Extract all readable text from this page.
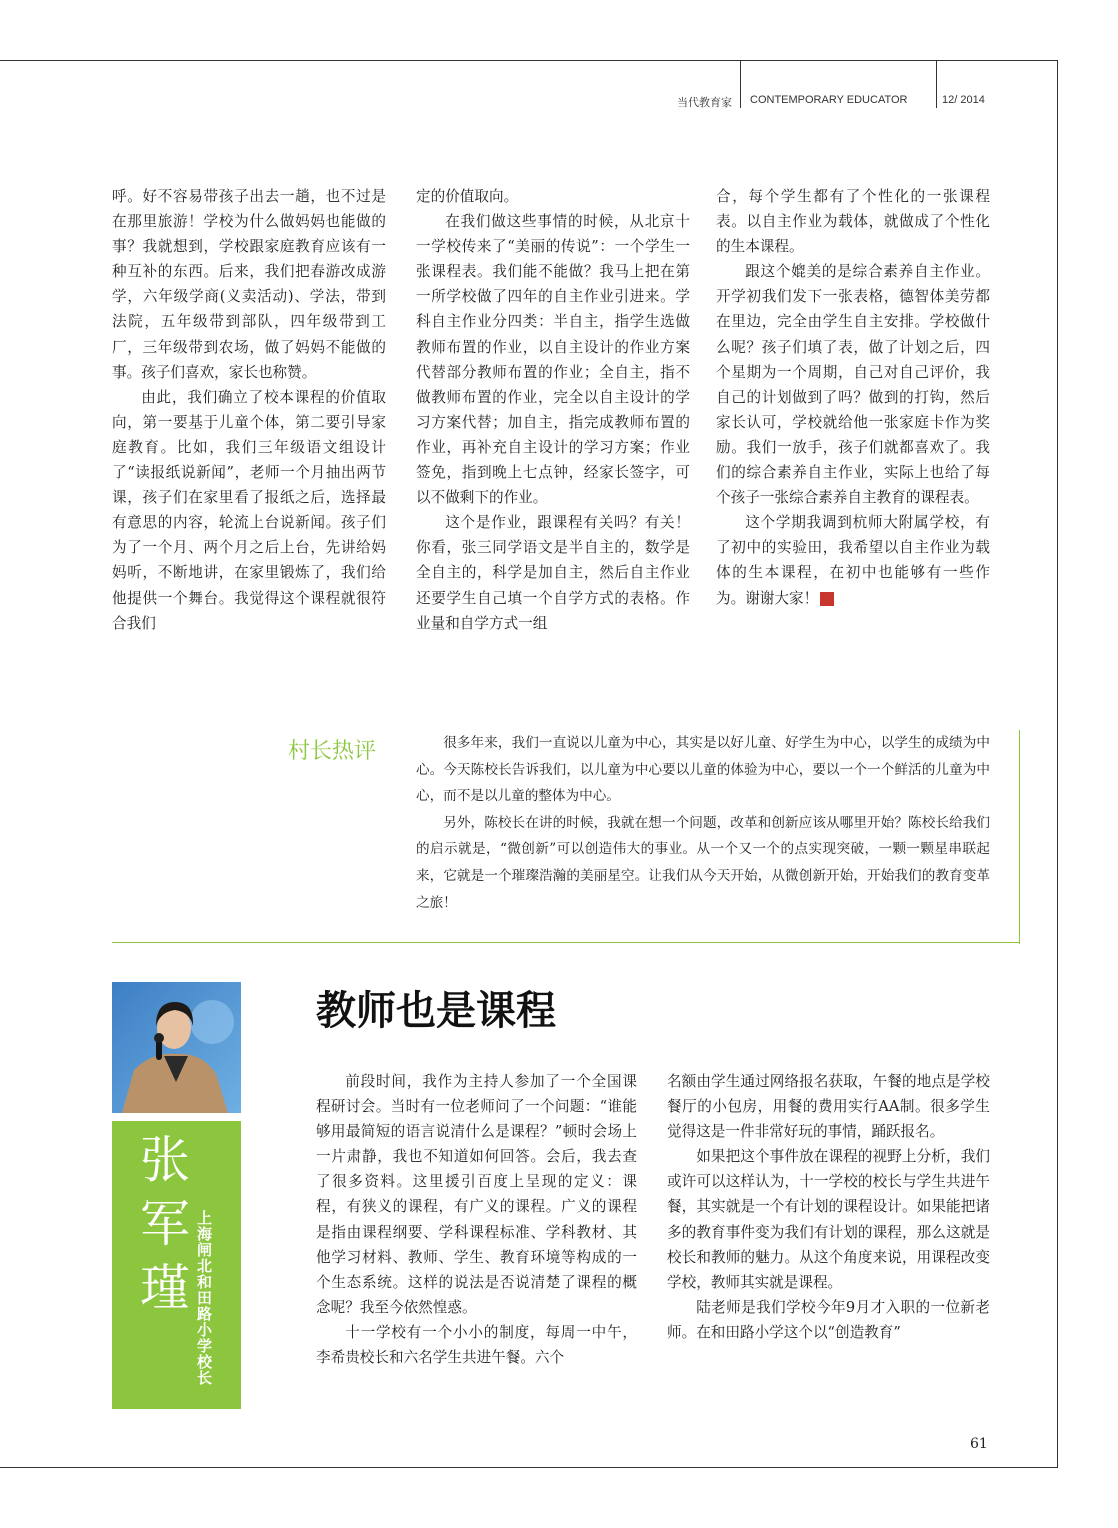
当代教育家 CONTEMPORARY EDUCATOR	12/ 2014

呼。好不容易带孩子出去一趟，也不过是在那里旅游！学校为什么做妈妈也能做的事？我就想到，学校跟家庭教育应该有一种互补的东西。后来，我们把春游改成游学，六年级学商(义卖活动)、学法，带到法院，五年级带到部队，四年级带到工厂，三年级带到农场，做了妈妈不能做的事。孩子们喜欢，家长也称赞。

由此，我们确立了校本课程的价值取向，第一要基于儿童个体，第二要引导家庭教育。比如，我们三年级语文组设计了“读报纸说新闻”，老师一个月抽出两节课，孩子们在家里看了报纸之后，选择最有意思的内容，轮流上台说新闻。孩子们为了一个月、两个月之后上台，先讲给妈妈听，不断地讲，在家里锻炼了，我们给他提供一个舞台。我觉得这个课程就很符合我们

定的价值取向。

在我们做这些事情的时候，从北京十一学校传来了“美丽的传说”：一个学生一张课程表。我们能不能做？我马上把在第一所学校做了四年的自主作业引进来。学科自主作业分四类：半自主，指学生选做教师布置的作业，以自主设计的作业方案代替部分教师布置的作业；全自主，指不做教师布置的作业，完全以自主设计的学习方案代替；加自主，指完成教师布置的作业，再补充自主设计的学习方案；作业签免，指到晚上七点钟，经家长签字，可以不做剩下的作业。

这个是作业，跟课程有关吗？有关！你看，张三同学语文是半自主的，数学是全自主的，科学是加自主，然后自主作业还要学生自己填一个自学方式的表格。作业量和自学方式一组

合，每个学生都有了个性化的一张课程表。以自主作业为载体，就做成了个性化的生本课程。

跟这个媲美的是综合素养自主作业。开学初我们发下一张表格，德智体美劳都在里边，完全由学生自主安排。学校做什么呢？孩子们填了表，做了计划之后，四个星期为一个周期，自己对自己评价，我自己的计划做到了吗？做到的打钩，然后家长认可，学校就给他一张家庭卡作为奖励。我们一放手，孩子们就都喜欢了。我们的综合素养自主作业，实际上也给了每个孩子一张综合素养自主教育的课程表。

这个学期我调到杭师大附属学校，有了初中的实验田，我希望以自主作业为载体的生本课程，在初中也能够有一些作为。谢谢大家！	家

村长热评	很多年来，我们一直说以儿童为中心，其实是以好儿童、好学生为中心，以学生的成绩为中心。今天陈校长告诉我们，以儿童为中心要以儿童的体验为中心，要以一个一个鲜活的儿童为中心，而不是以儿童的整体为中心。

另外，陈校长在讲的时候，我就在想一个问题，改革和创新应该从哪里开始？陈校长给我们的启示就是，“微创新”可以创造伟大的事业。从一个又一个的点实现突破，一颗一颗星串联起来，它就是一个璀璨浩瀚的美丽星空。让我们从今天开始，从微创新开始，开始我们的教育变革之旅！

张
军
瑾 上海闸北和田路小学校长
教师也是课程

前段时间，我作为主持人参加了一个全国课程研讨会。当时有一位老师问了一个问题：“谁能够用最简短的语言说清什么是课程？”顿时会场上一片肃静，我也不知道如何回答。会后，我去查了很多资料。这里援引百度上呈现的定义：课程，有狭义的课程，有广义的课程。广义的课程是指由课程纲要、学科课程标准、学科教材、其他学习材料、教师、学生、教育环境等构成的一个生态系统。这样的说法是否说清楚了课程的概念呢？我至今依然惶惑。

十一学校有一个小小的制度，每周一中午，李希贵校长和六名学生共进午餐。六个

名额由学生通过网络报名获取，午餐的地点是学校餐厅的小包房，用餐的费用实行AA制。很多学生觉得这是一件非常好玩的事情，踊跃报名。

如果把这个事件放在课程的视野上分析，我们或许可以这样认为，十一学校的校长与学生共进午餐，其实就是一个有计划的课程设计。如果能把诸多的教育事件变为我们有计划的课程，那么这就是校长和教师的魅力。从这个角度来说，用课程改变学校，教师其实就是课程。

陆老师是我们学校今年9月才入职的一位新老师。在和田路小学这个以“创造教育”

61
